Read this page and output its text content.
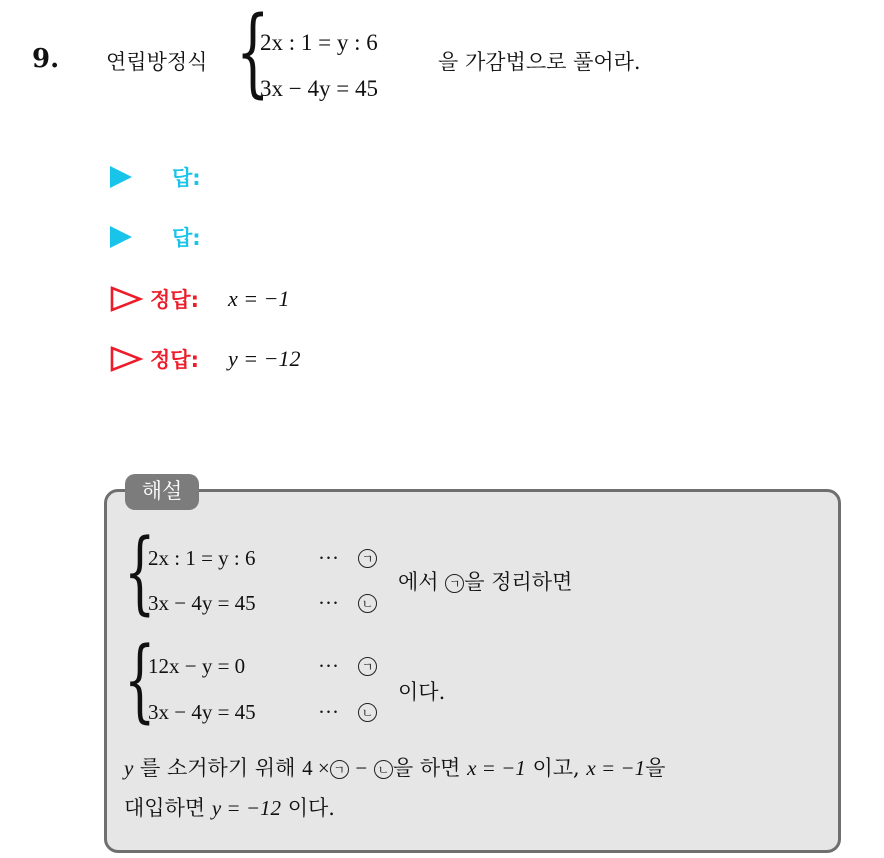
9. 연립방정식 {
2x : 1 = y : 6
3x − 4y = 45
을 가감법으로 풀어라.
답:
답:
정답: x = −1
정답: y = −12
해설
{
2x : 1 = y : 6	···	ㄱ
3x − 4y = 45	···	ㄴ
에서 ㄱ 을 정리하면
{
12x − y = 0	···	ㄱ
3x − 4y = 45	···	ㄴ
이다.
y 를 소거하기 위해 4 × ㄱ − ㄴ 을 하면 x = −1 이고, x = −1을
대입하면 y = −12 이다.
